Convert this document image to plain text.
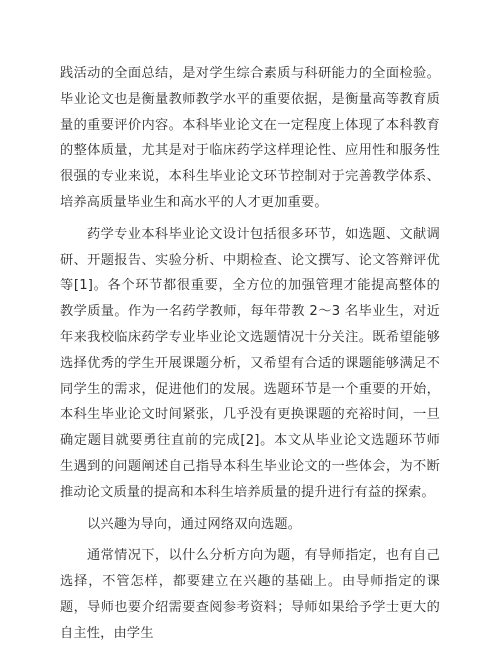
践活动的全面总结，是对学生综合素质与科研能力的全面检验。毕业论文也是衡量教师教学水平的重要依据，是衡量高等教育质量的重要评价内容。本科毕业论文在一定程度上体现了本科教育的整体质量，尤其是对于临床药学这样理论性、应用性和服务性很强的专业来说，本科生毕业论文环节控制对于完善教学体系、培养高质量毕业生和高水平的人才更加重要。

药学专业本科毕业论文设计包括很多环节，如选题、文献调研、开题报告、实验分析、中期检查、论文撰写、论文答辩评优等[1]。各个环节都很重要，全方位的加强管理才能提高整体的教学质量。作为一名药学教师，每年带教 2～3 名毕业生，对近年来我校临床药学专业毕业论文选题情况十分关注。既希望能够选择优秀的学生开展课题分析，又希望有合适的课题能够满足不同学生的需求，促进他们的发展。选题环节是一个重要的开始，本科生毕业论文时间紧张，几乎没有更换课题的充裕时间，一旦确定题目就要勇往直前的完成[2]。本文从毕业论文选题环节师生遇到的问题阐述自己指导本科生毕业论文的一些体会，为不断推动论文质量的提高和本科生培养质量的提升进行有益的探索。

以兴趣为导向，通过网络双向选题。

通常情况下，以什么分析方向为题，有导师指定，也有自己选择，不管怎样，都要建立在兴趣的基础上。由导师指定的课题，导师也要介绍需要查阅参考资料；导师如果给予学士更大的自主性，由学生
